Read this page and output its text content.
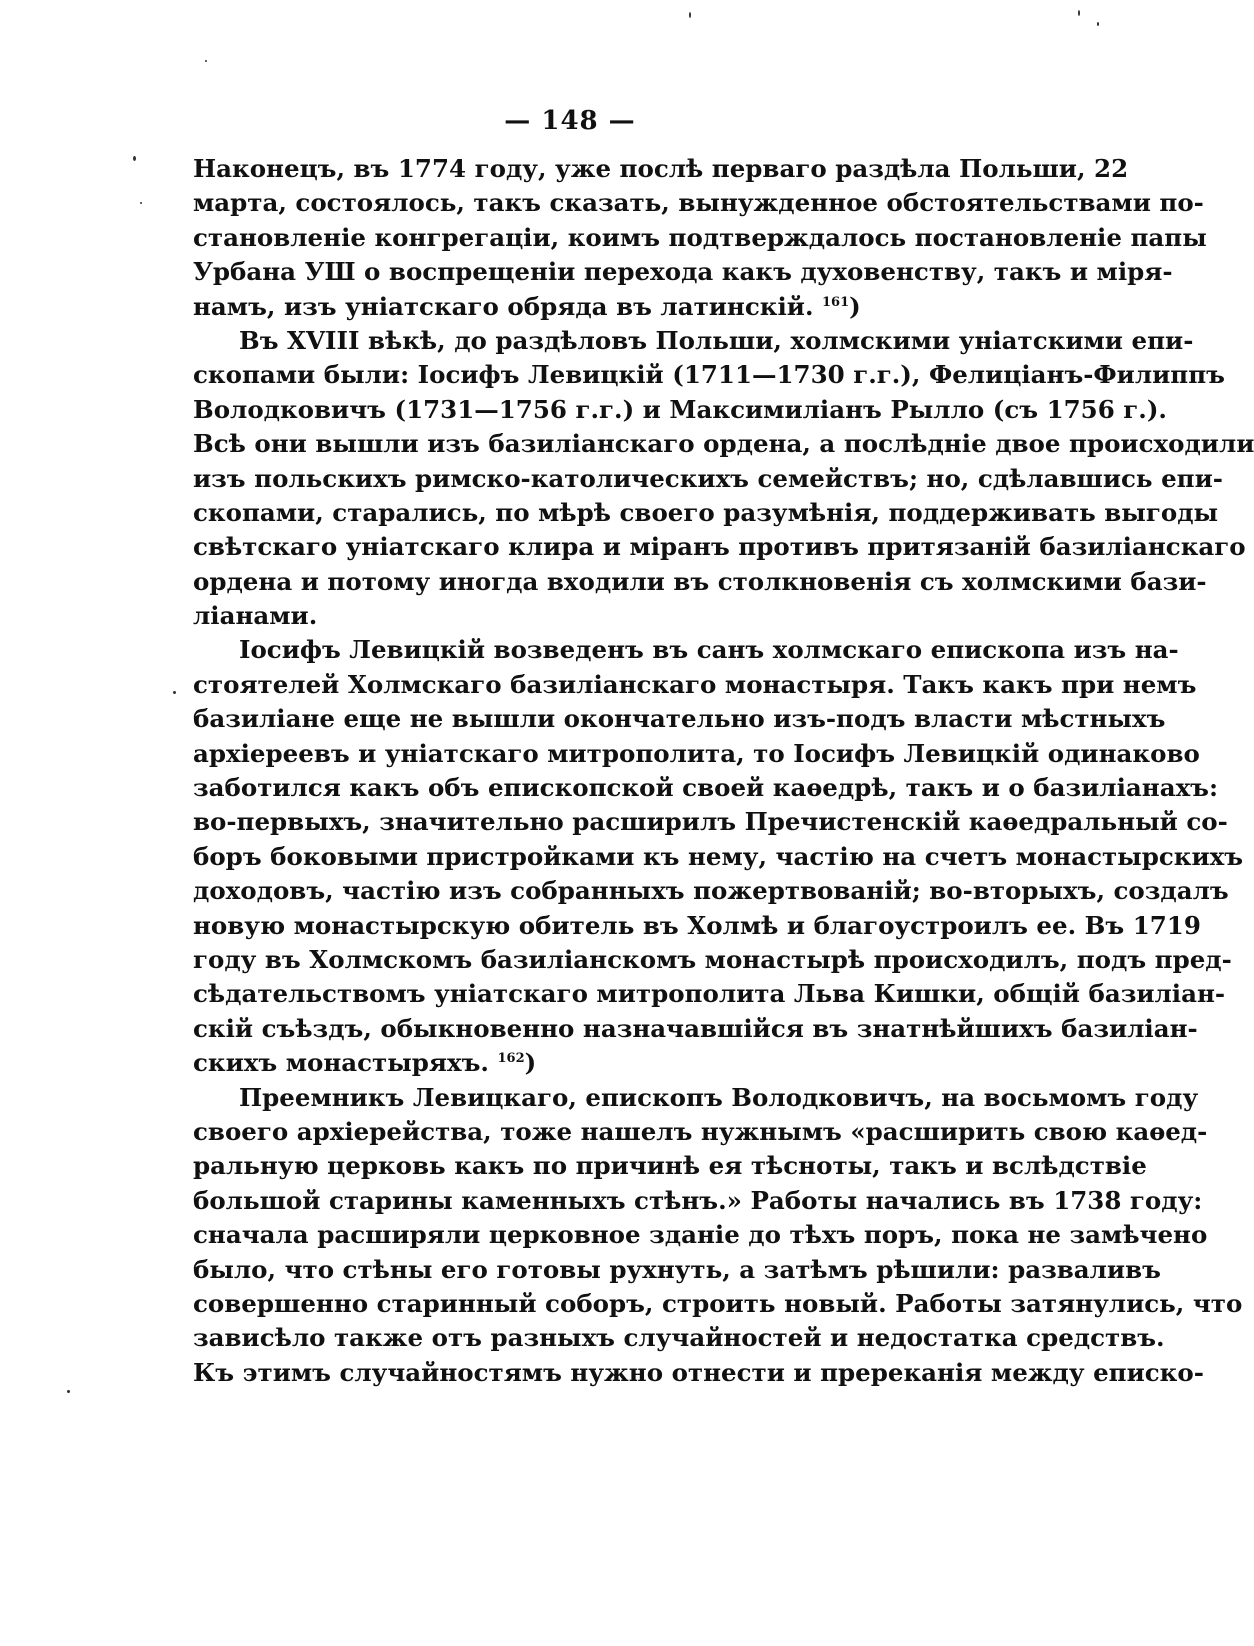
— 148 —

Наконецъ, въ 1774 году, уже послѣ перваго раздѣла Польши, 22
марта, состоялось, такъ сказать, вынужденное обстоятельствами по-
становленіе конгрегаціи, коимъ подтверждалось постановленіе папы
Урбана УШ о воспрещеніи перехода какъ духовенству, такъ и міря-
намъ, изъ уніатскаго обряда въ латинскій. $^{161}$)

Въ XVIII вѣкѣ, до раздѣловъ Польши, холмскими уніатскими епи-
скопами были: Іосифъ Левицкій (1711—1730 г.г.), Фелиціанъ-Филиппъ
Володковичъ (1731—1756 г.г.) и Максимиліанъ Рылло (съ 1756 г.).
Всѣ они вышли изъ базиліанскаго ордена, а послѣдніе двое происходили
изъ польскихъ римско-католическихъ семействъ; но, сдѣлавшись епи-
скопами, старались, по мѣрѣ своего разумѣнія, поддерживать выгоды
свѣтскаго уніатскаго клира и міранъ противъ притязаній базиліанскаго
ордена и потому иногда входили въ столкновенія съ холмскими бази-
ліанами.

Іосифъ Левицкій возведенъ въ санъ холмскаго епископа изъ на-
стоятелей Холмскаго базиліанскаго монастыря. Такъ какъ при немъ
базиліане еще не вышли окончательно изъ-подъ власти мѣстныхъ
архіереевъ и уніатскаго митрополита, то Іосифъ Левицкій одинаково
заботился какъ объ епископской своей каѳедрѣ, такъ и о базиліанахъ:
во-первыхъ, значительно расширилъ Пречистенскій каѳедральный со-
боръ боковыми пристройками къ нему, частію на счетъ монастырскихъ
доходовъ, частію изъ собранныхъ пожертвованій; во-вторыхъ, создалъ
новую монастырскую обитель въ Холмѣ и благоустроилъ ее. Въ 1719
году въ Холмскомъ базиліанскомъ монастырѣ происходилъ, подъ пред-
сѣдательствомъ уніатскаго митрополита Льва Кишки, общій базиліан-
скій съѣздъ, обыкновенно назначавшійся въ знатнѣйшихъ базиліан-
скихъ монастыряхъ. $^{162}$)

Преемникъ Левицкаго, епископъ Володковичъ, на восьмомъ году
своего архіерейства, тоже нашелъ нужнымъ «расширить свою каѳед-
ральную церковь какъ по причинѣ ея тѣсноты, такъ и вслѣдствіе
большой старины каменныхъ стѣнъ.» Работы начались въ 1738 году:
сначала расширяли церковное зданіе до тѣхъ поръ, пока не замѣчено
было, что стѣны его готовы рухнуть, а затѣмъ рѣшили: разваливъ
совершенно старинный соборъ, строить новый. Работы затянулись, что
зависѣло также отъ разныхъ случайностей и недостатка средствъ.
Къ этимъ случайностямъ нужно отнести и пререканія между еписко-
